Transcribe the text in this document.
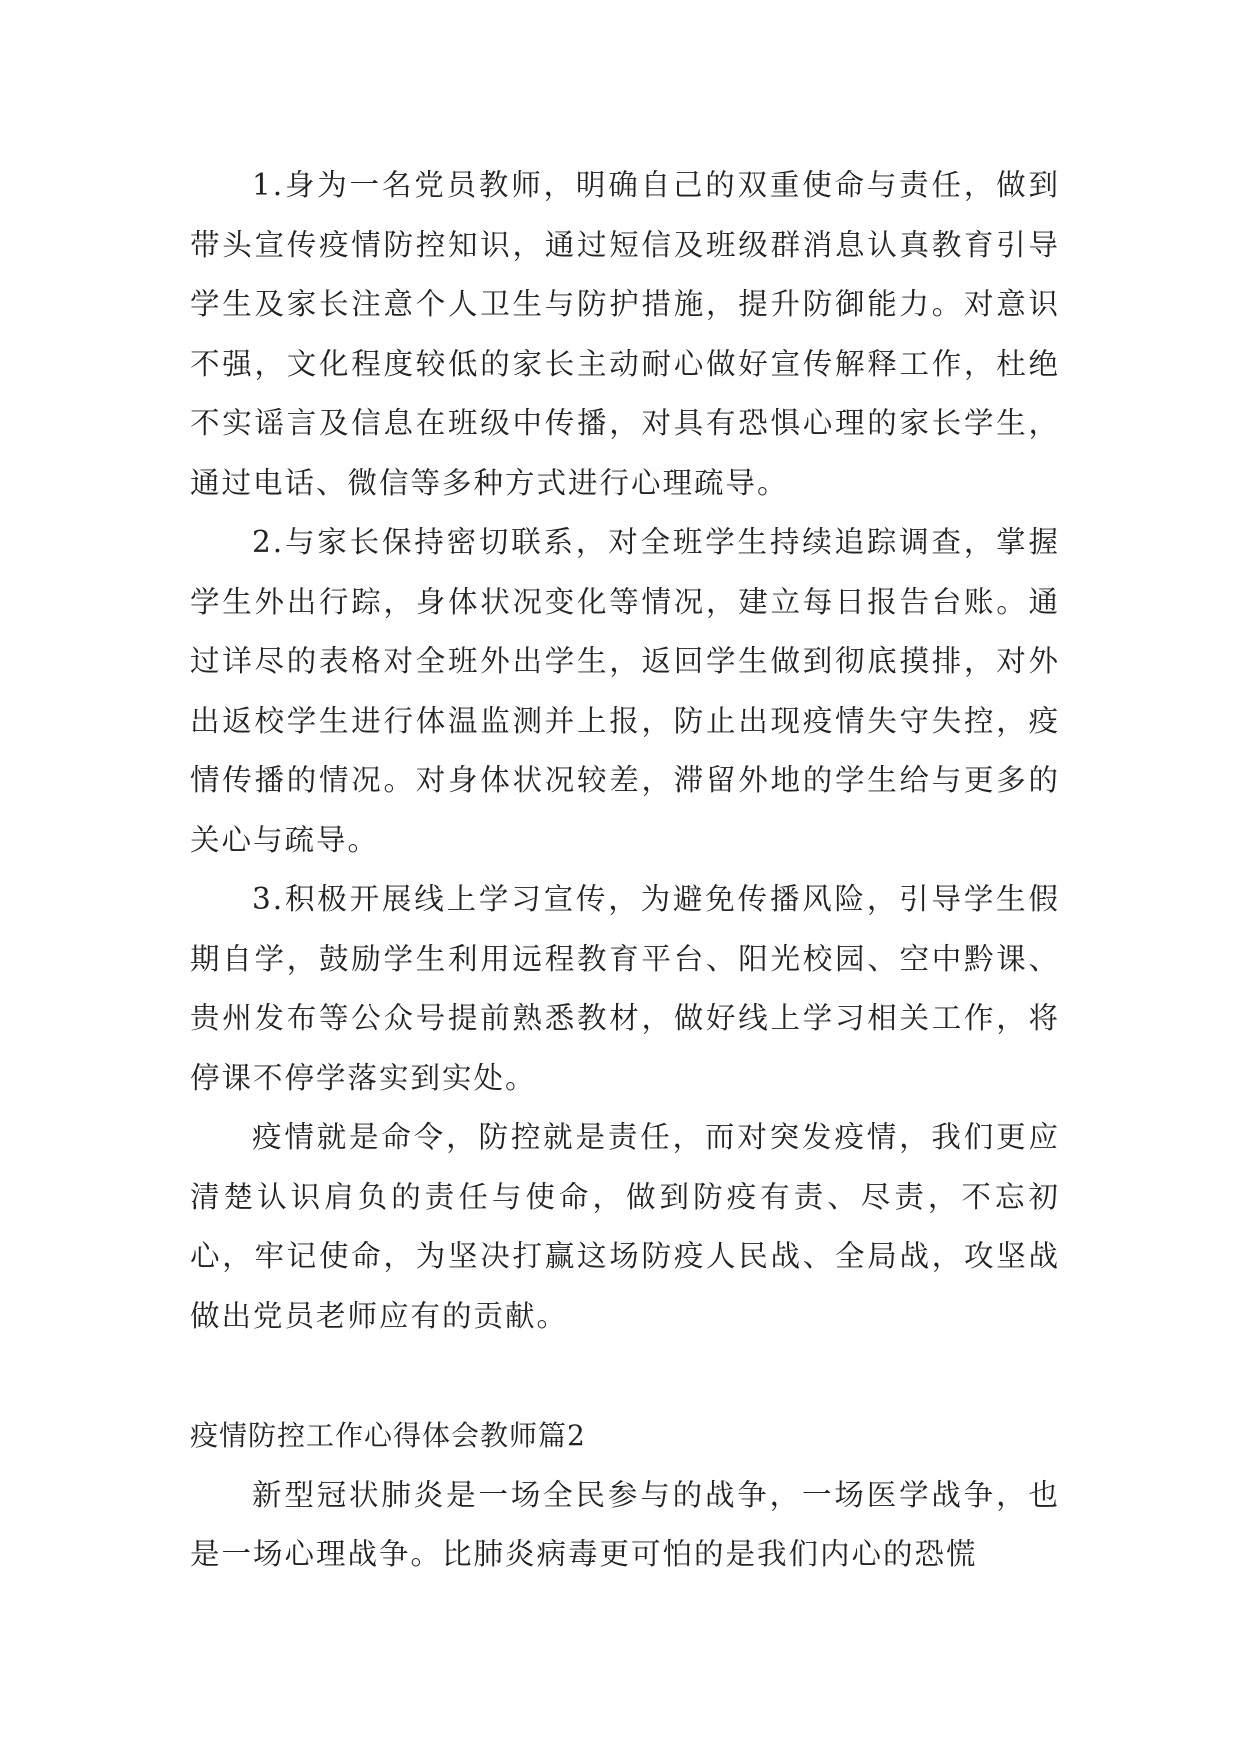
1.身为一名党员教师，明确自己的双重使命与责任，做到带头宣传疫情防控知识，通过短信及班级群消息认真教育引导学生及家长注意个人卫生与防护措施，提升防御能力。对意识不强，文化程度较低的家长主动耐心做好宣传解释工作，杜绝不实谣言及信息在班级中传播，对具有恐惧心理的家长学生，通过电话、微信等多种方式进行心理疏导。

2.与家长保持密切联系，对全班学生持续追踪调查，掌握学生外出行踪，身体状况变化等情况，建立每日报告台账。通过详尽的表格对全班外出学生，返回学生做到彻底摸排，对外出返校学生进行体温监测并上报，防止出现疫情失守失控，疫情传播的情况。对身体状况较差，滞留外地的学生给与更多的关心与疏导。

3.积极开展线上学习宣传，为避免传播风险，引导学生假期自学，鼓励学生利用远程教育平台、阳光校园、空中黔课、贵州发布等公众号提前熟悉教材，做好线上学习相关工作，将停课不停学落实到实处。

疫情就是命令，防控就是责任，而对突发疫情，我们更应清楚认识肩负的责任与使命，做到防疫有责、尽责，不忘初心，牢记使命，为坚决打赢这场防疫人民战、全局战，攻坚战做出党员老师应有的贡献。

疫情防控工作心得体会教师篇2

新型冠状肺炎是一场全民参与的战争，一场医学战争，也是一场心理战争。比肺炎病毒更可怕的是我们内心的恐慌
